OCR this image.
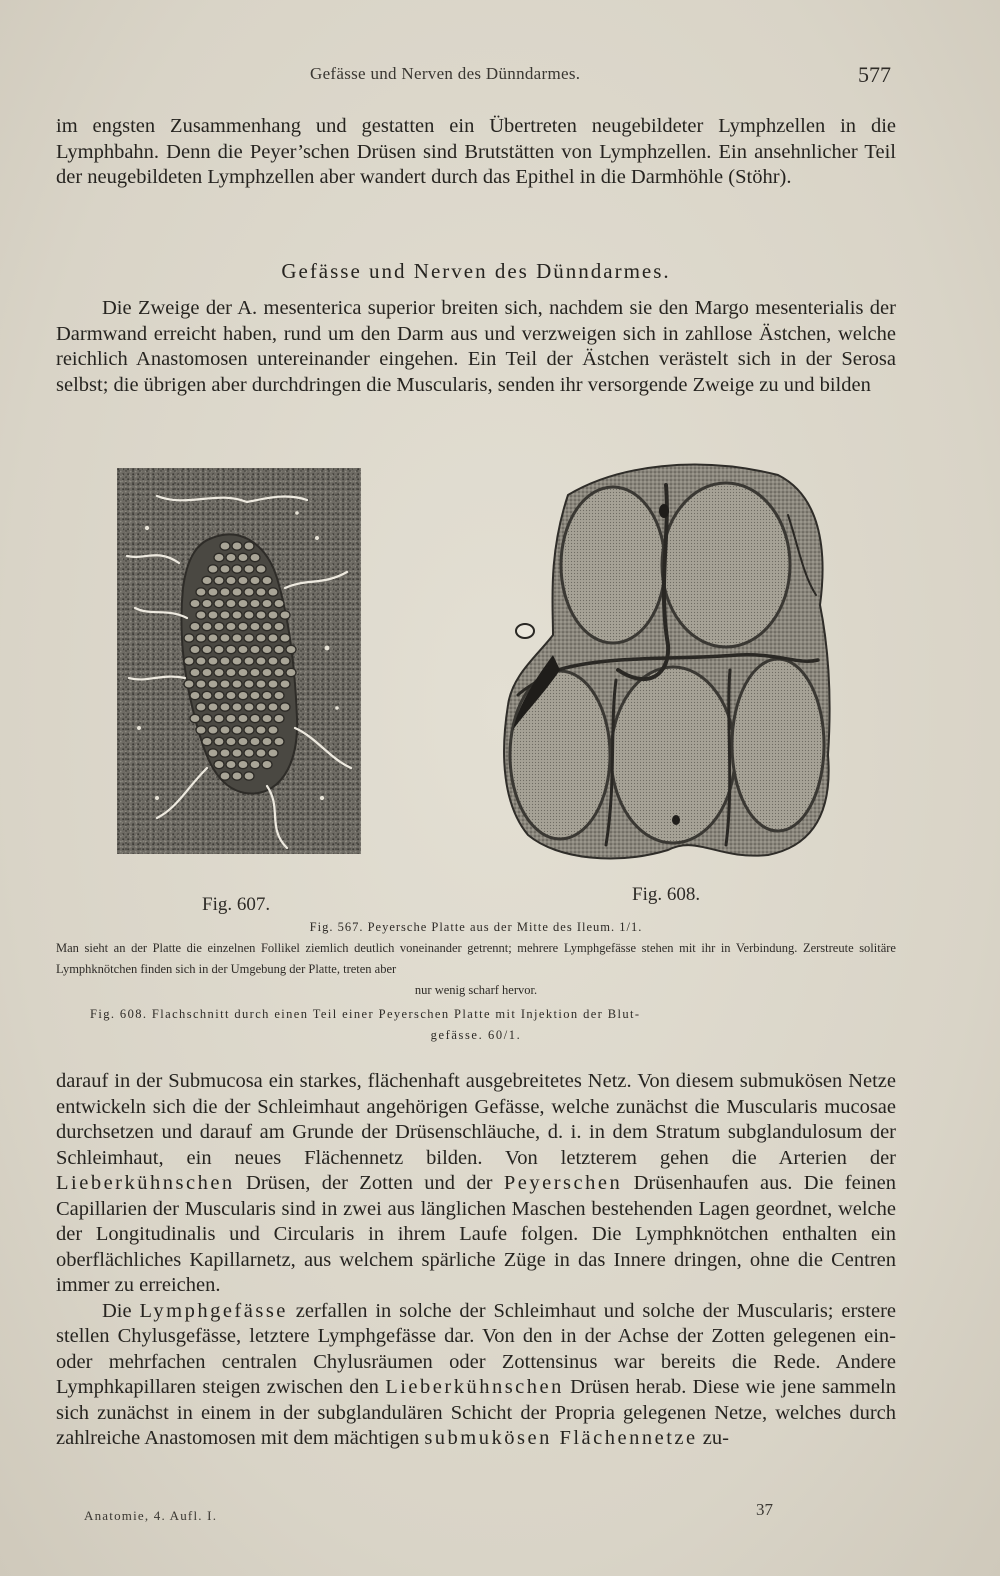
Gefässe und Nerven des Dünndarmes.	577

im engsten Zusammenhang und gestatten ein Übertreten neugebildeter Lymphzellen in die Lymphbahn. Denn die Peyer’schen Drüsen sind Brutstätten von Lymphzellen. Ein ansehnlicher Teil der neugebildeten Lymphzellen aber wandert durch das Epithel in die Darmhöhle (Stöhr).

Gefässe und Nerven des Dünndarmes.

Die Zweige der A. mesenterica superior breiten sich, nachdem sie den Margo mesenterialis der Darmwand erreicht haben, rund um den Darm aus und verzweigen sich in zahllose Ästchen, welche reichlich Anastomosen untereinander eingehen. Ein Teil der Ästchen verästelt sich in der Serosa selbst; die übrigen aber durchdringen die Muscularis, senden ihr versorgende Zweige zu und bilden

Fig. 607.	Fig. 608.
Fig. 567. Peyersche Platte aus der Mitte des Ileum. 1/1.
Man sieht an der Platte die einzelnen Follikel ziemlich deutlich voneinander getrennt; mehrere Lymphgefässe stehen mit ihr in Verbindung. Zerstreute solitäre Lymphknötchen finden sich in der Umgebung der Platte, treten aber
nur wenig scharf hervor.
Fig. 608. Flachschnitt durch einen Teil einer Peyerschen Platte mit Injektion der Blut-
gefässe. 60/1.

darauf in der Submucosa ein starkes, flächenhaft ausgebreitetes Netz. Von diesem submukösen Netze entwickeln sich die der Schleimhaut angehörigen Gefässe, welche zunächst die Muscularis mucosae durchsetzen und darauf am Grunde der Drüsenschläuche, d. i. in dem Stratum subglandulosum der Schleimhaut, ein neues Flächennetz bilden. Von letzterem gehen die Arterien der Lieberkühnschen Drüsen, der Zotten und der Peyerschen Drüsenhaufen aus. Die feinen Capillarien der Muscularis sind in zwei aus länglichen Maschen bestehenden Lagen geordnet, welche der Longitudinalis und Circularis in ihrem Laufe folgen. Die Lymphknötchen enthalten ein oberflächliches Kapillarnetz, aus welchem spärliche Züge in das Innere dringen, ohne die Centren immer zu erreichen.

Die Lymphgefässe zerfallen in solche der Schleimhaut und solche der Muscularis; erstere stellen Chylusgefässe, letztere Lymphgefässe dar. Von den in der Achse der Zotten gelegenen ein- oder mehrfachen centralen Chylusräumen oder Zottensinus war bereits die Rede. Andere Lymphkapillaren steigen zwischen den Lieberkühnschen Drüsen herab. Diese wie jene sammeln sich zunächst in einem in der subglandulären Schicht der Propria gelegenen Netze, welches durch zahlreiche Anastomosen mit dem mächtigen submukösen Flächennetze zu-

Anatomie, 4. Aufl. I.	37
